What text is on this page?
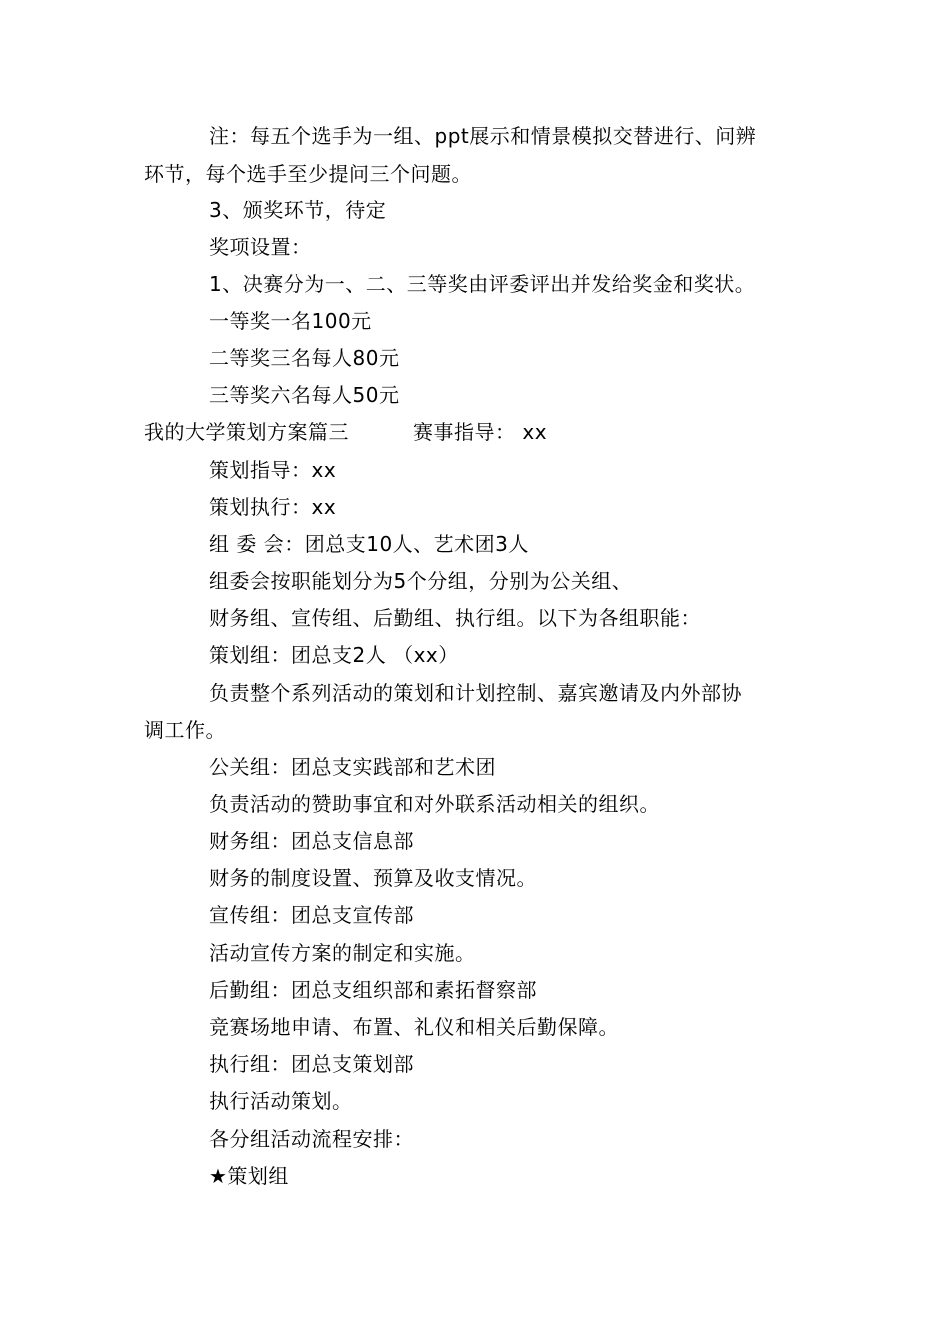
注：每五个选手为一组、ppt展示和情景模拟交替进行、问辨
环节，每个选手至少提问三个问题。
3、颁奖环节，待定
奖项设置：
1、决赛分为一、二、三等奖由评委评出并发给奖金和奖状。
一等奖一名100元
二等奖三名每人80元
三等奖六名每人50元
我的大学策划方案篇三	赛事指导： xx
策划指导：xx
策划执行：xx
组 委 会：团总支10人、艺术团3人
组委会按职能划分为5个分组，分别为公关组、
财务组、宣传组、后勤组、执行组。以下为各组职能：
策划组：团总支2人 （xx）
负责整个系列活动的策划和计划控制、嘉宾邀请及内外部协
调工作。
公关组：团总支实践部和艺术团
负责活动的赞助事宜和对外联系活动相关的组织。
财务组：团总支信息部
财务的制度设置、预算及收支情况。
宣传组：团总支宣传部
活动宣传方案的制定和实施。
后勤组：团总支组织部和素拓督察部
竞赛场地申请、布置、礼仪和相关后勤保障。
执行组：团总支策划部
执行活动策划。
各分组活动流程安排：
★策划组
